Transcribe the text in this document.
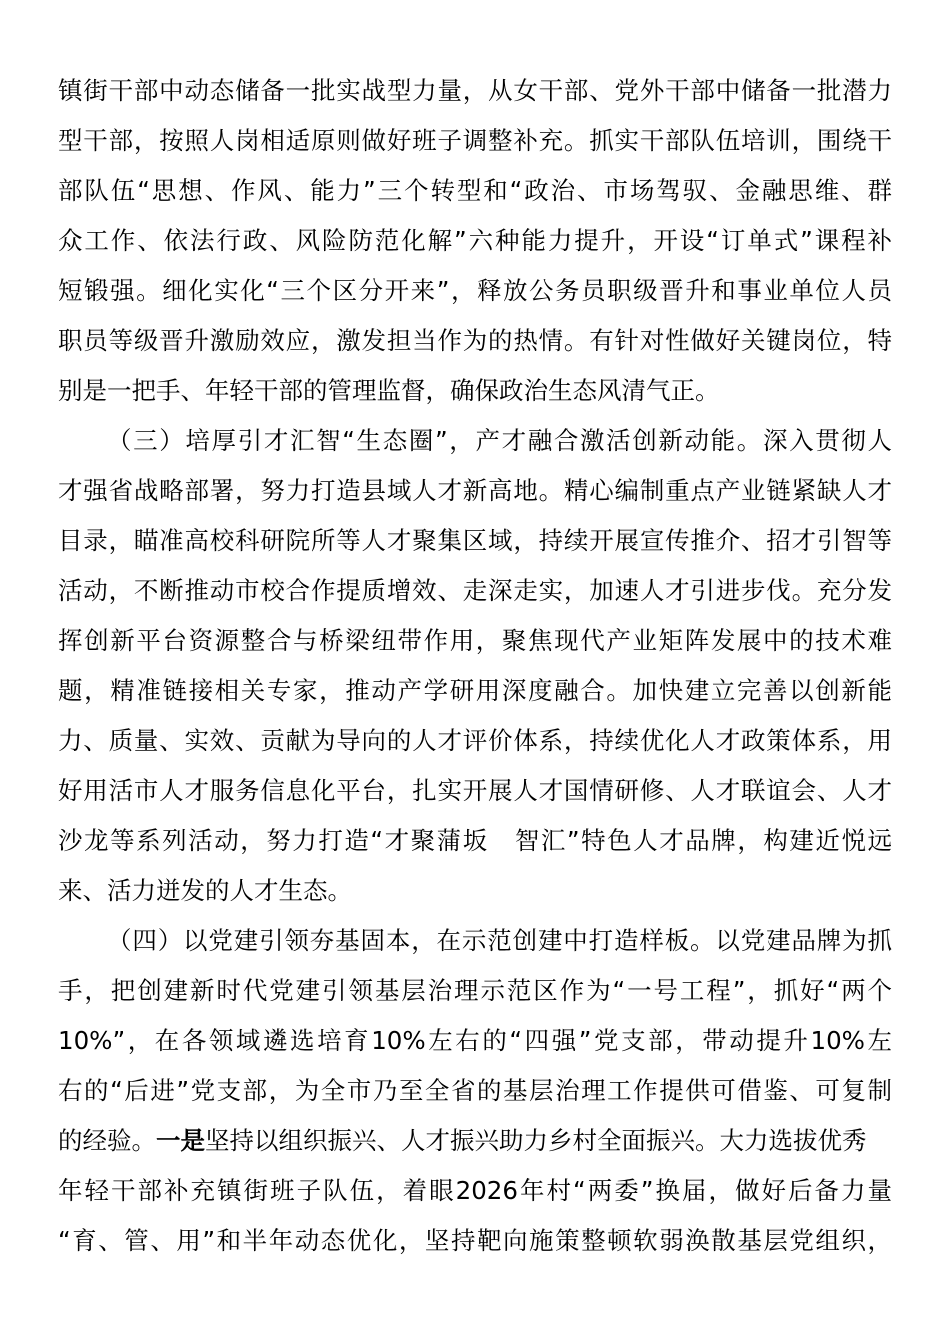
镇街干部中动态储备一批实战型力量，从女干部、党外干部中储备一批潜力
型干部，按照人岗相适原则做好班子调整补充。抓实干部队伍培训，围绕干
部队伍“思想、作风、能力”三个转型和“政治、市场驾驭、金融思维、群
众工作、依法行政、风险防范化解”六种能力提升，开设“订单式”课程补
短锻强。细化实化“三个区分开来”，释放公务员职级晋升和事业单位人员
职员等级晋升激励效应，激发担当作为的热情。有针对性做好关键岗位，特
别是一把手、年轻干部的管理监督，确保政治生态风清气正。
（三）培厚引才汇智“生态圈”，产才融合激活创新动能。深入贯彻人
才强省战略部署，努力打造县域人才新高地。精心编制重点产业链紧缺人才
目录，瞄准高校科研院所等人才聚集区域，持续开展宣传推介、招才引智等
活动，不断推动市校合作提质增效、走深走实，加速人才引进步伐。充分发
挥创新平台资源整合与桥梁纽带作用，聚焦现代产业矩阵发展中的技术难
题，精准链接相关专家，推动产学研用深度融合。加快建立完善以创新能
力、质量、实效、贡献为导向的人才评价体系，持续优化人才政策体系，用
好用活市人才服务信息化平台，扎实开展人才国情研修、人才联谊会、人才
沙龙等系列活动，努力打造“才聚蒲坂　智汇”特色人才品牌，构建近悦远
来、活力迸发的人才生态。
（四）以党建引领夯基固本，在示范创建中打造样板。以党建品牌为抓
手，把创建新时代党建引领基层治理示范区作为“一号工程”，抓好“两个
10%”，在各领域遴选培育10%左右的“四强”党支部，带动提升10%左
右的“后进”党支部，为全市乃至全省的基层治理工作提供可借鉴、可复制
的经验。一是坚持以组织振兴、人才振兴助力乡村全面振兴。大力选拔优秀
年轻干部补充镇街班子队伍，着眼2026年村“两委”换届，做好后备力量
“育、管、用”和半年动态优化，坚持靶向施策整顿软弱涣散基层党组织，
